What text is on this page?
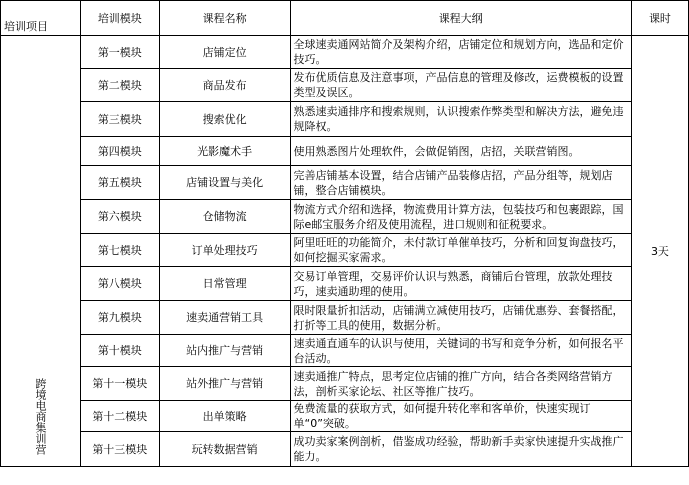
培训项目	培训模块	课程名称	课程大纲	课时

跨境电商集训营	第一模块	店铺定位	全球速卖通网站简介及架构介绍，店铺定位和规划方向，选品和定价技巧。	3天
	第二模块	商品发布	发布优质信息及注意事项，产品信息的管理及修改，运费模板的设置类型及误区。	
	第三模块	搜索优化	熟悉速卖通排序和搜索规则，认识搜索作弊类型和解决方法，避免违规降权。	
	第四模块	光影魔术手	使用熟悉图片处理软件，会做促销图，店招，关联营销图。	
	第五模块	店铺设置与美化	完善店铺基本设置，结合店铺产品装修店招，产品分组等，规划店铺，整合店铺模块。	
	第六模块	仓储物流	物流方式介绍和选择，物流费用计算方法，包装技巧和包裹跟踪，国际e邮宝服务介绍及使用流程，进口规则和征税要求。	
	第七模块	订单处理技巧	阿里旺旺的功能简介，未付款订单催单技巧，分析和回复询盘技巧，如何挖掘买家需求。	
	第八模块	日常管理	交易订单管理，交易评价认识与熟悉，商铺后台管理，放款处理技巧，速卖通助理的使用。	
	第九模块	速卖通营销工具	限时限量折扣活动，店铺满立减使用技巧，店铺优惠券、套餐搭配，打折等工具的使用，数据分析。	
	第十模块	站内推广与营销	速卖通直通车的认识与使用，关键词的书写和竞争分析，如何报名平台活动。	
	第十一模块	站外推广与营销	速卖通推广特点，思考定位店铺的推广方向，结合各类网络营销方法，剖析买家论坛、社区等推广技巧。	
	第十二模块	出单策略	免费流量的获取方式，如何提升转化率和客单价，快速实现订单“0”突破。	
	第十三模块	玩转数据营销	成功卖家案例剖析，借鉴成功经验，帮助新手卖家快速提升实战推广能力。	
